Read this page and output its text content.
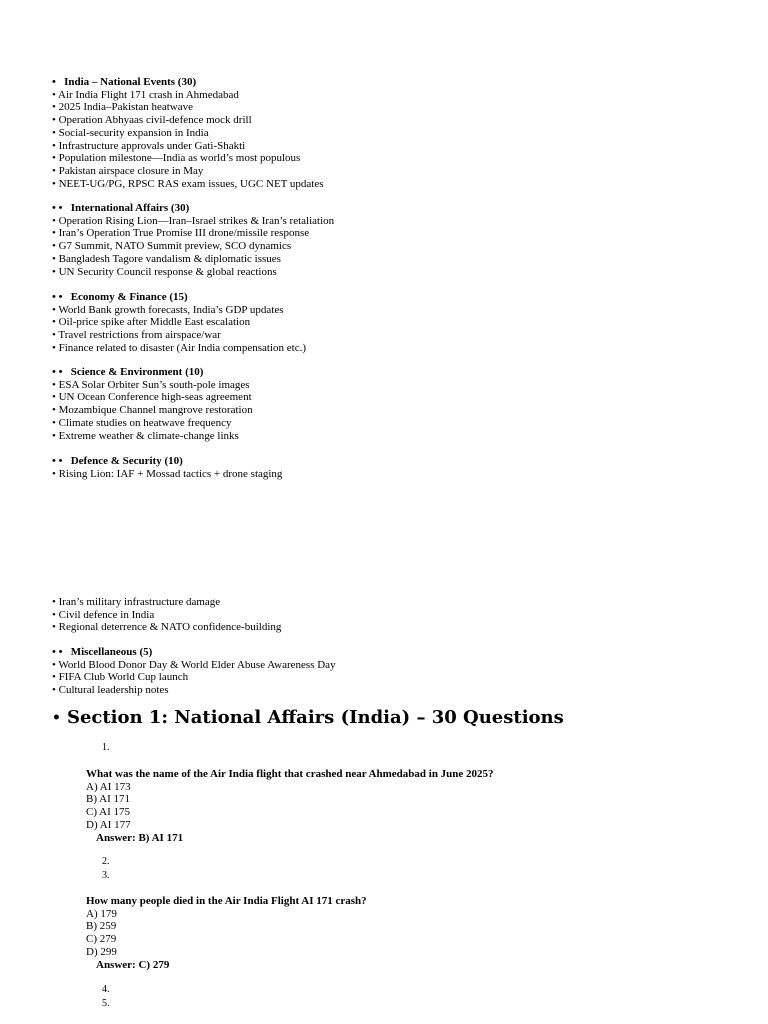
• India – National Events (30)
• Air India Flight 171 crash in Ahmedabad
• 2025 India–Pakistan heatwave
• Operation Abhyaas civil-defence mock drill
• Social-security expansion in India
• Infrastructure approvals under Gati-Shakti
• Population milestone—India as world’s most populous
• Pakistan airspace closure in May
• NEET-UG/PG, RPSC RAS exam issues, UGC NET updates
• • International Affairs (30)
• Operation Rising Lion—Iran–Israel strikes & Iran’s retaliation
• Iran’s Operation True Promise III drone/missile response
• G7 Summit, NATO Summit preview, SCO dynamics
• Bangladesh Tagore vandalism & diplomatic issues
• UN Security Council response & global reactions
• • Economy & Finance (15)
• World Bank growth forecasts, India’s GDP updates
• Oil-price spike after Middle East escalation
• Travel restrictions from airspace/war
• Finance related to disaster (Air India compensation etc.)
• • Science & Environment (10)
• ESA Solar Orbiter Sun’s south-pole images
• UN Ocean Conference high-seas agreement
• Mozambique Channel mangrove restoration
• Climate studies on heatwave frequency
• Extreme weather & climate-change links
• • Defence & Security (10)
• Rising Lion: IAF + Mossad tactics + drone staging
• Iran’s military infrastructure damage
• Civil defence in India
• Regional deterrence & NATO confidence-building
• • Miscellaneous (5)
• World Blood Donor Day & World Elder Abuse Awareness Day
• FIFA Club World Cup launch
• Cultural leadership notes
• Section 1: National Affairs (India) – 30 Questions
1.
What was the name of the Air India flight that crashed near Ahmedabad in June 2025?
A) AI 173
B) AI 171
C) AI 175
D) AI 177
Answer: B) AI 171
2.
3.
How many people died in the Air India Flight AI 171 crash?
A) 179
B) 259
C) 279
D) 299
Answer: C) 279
4.
5.
